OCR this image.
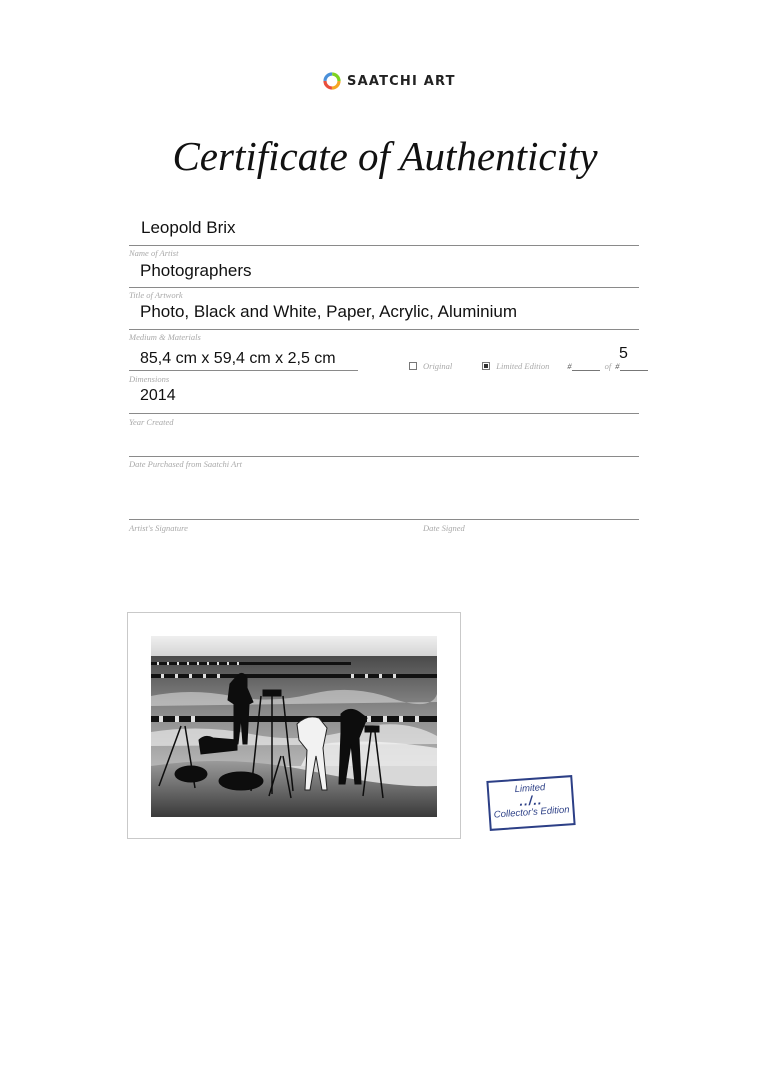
SAATCHI ART
Certificate of Authenticity
Leopold Brix
Name of Artist
Photographers
Title of Artwork
Photo, Black and White, Paper, Acrylic, Aluminium
Medium & Materials
85,4 cm x 59,4 cm x 2,5 cm
Dimensions
Original	Limited Edition #	of #
5
2014
Year Created
Date Purchased from Saatchi Art
Artist's Signature	Date Signed
Limited
../..
Collector's Edition
